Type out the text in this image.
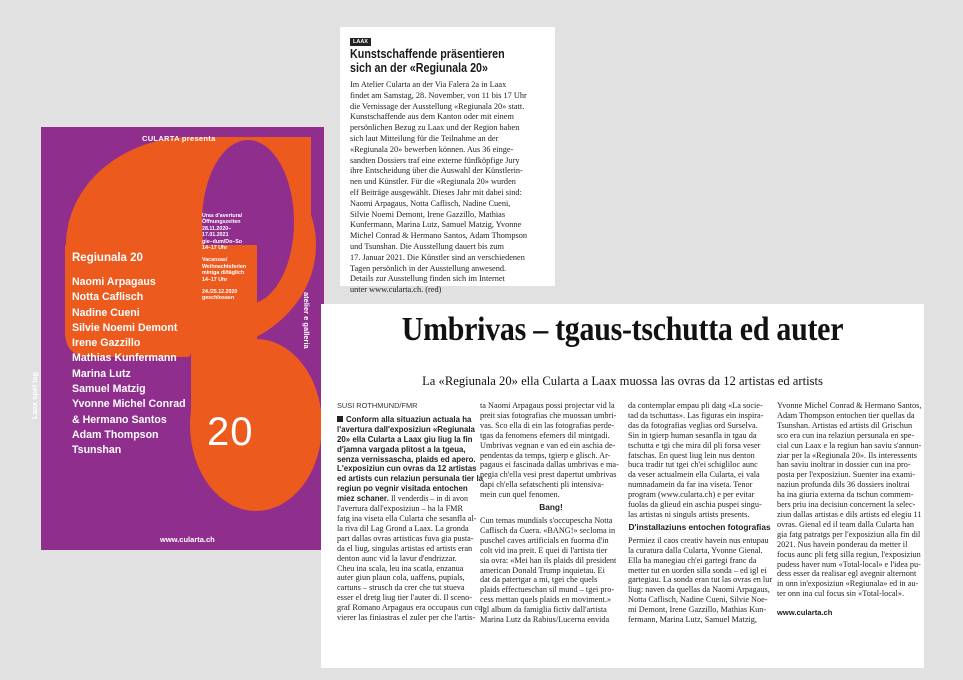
CULARTA presenta
Laax spel lag
atelier e galleria
Regiunala 20
Naomi Arpagaus
Notta Caflisch
Nadine Cueni
Silvie Noemi Demont
Irene Gazzillo
Mathias Kunfermann
Marina Lutz
Samuel Matzig
Yvonne Michel Conrad
& Hermano Santos
Adam Thompson
Tsunshan
Uras d'avertura/
Öffnungszeiten
28.11.2020–
17.01.2021
gie–dum/Do–So
14–17 Uhr
Vacanzas/
Weihnachtsferien
mintga di/täglich
14–17 Uhr
24./25.12.2020
geschlossen
20
www.cularta.ch
LAAX
Kunstschaffende präsentieren
sich an der «Regiunala 20»
Im Atelier Cularta an der Via Falera 2a in Laax
findet am Samstag, 28. November, von 11 bis 17 Uhr
die Vernissage der Ausstellung «Regiunala 20» statt.
Kunstschaffende aus dem Kanton oder mit einem
persönlichen Bezug zu Laax und der Region haben
sich laut Mitteilung für die Teilnahme an der
«Regiunala 20» bewerben können. Aus 36 einge-
sandten Dossiers traf eine externe fünfköpfige Jury
ihre Entscheidung über die Auswahl der Künstlerin-
nen und Künstler. Für die «Regiunala 20» wurden
elf Beiträge ausgewählt. Dieses Jahr mit dabei sind:
Naomi Arpagaus, Notta Caflisch, Nadine Cueni,
Silvie Noemi Demont, Irene Gazzillo, Mathias
Kunfermann, Marina Lutz, Samuel Matzig, Yvonne
Michel Conrad & Hermano Santos, Adam Thompson
und Tsunshan. Die Ausstellung dauert bis zum
17. Januar 2021. Die Künstler sind an verschiedenen
Tagen persönlich in der Ausstellung anwesend.
Details zur Ausstellung finden sich im Internet
unter www.cularta.ch. (red)
Umbrivas – tgaus-tschutta ed auter
La «Regiunala 20» ella Cularta a Laax muossa las ovras da 12 artistas ed artists
SUSI ROTHMUND/FMR
Conform alla situaziun actuala ha
l'avertura dall'exposiziun «Regiunala
20» ella Cularta a Laax giu liug la fin
d'jamna vargada plitost a la tgeua,
senza vernissascha, plaids ed apero.
L'exposiziun cun ovras da 12 artistas
ed artists cun relaziun persunala tier la
regiun po vegnir visitada entochen
miez schaner. Il venderdis – in di avon
l'avertura dall'exposiziun – ha la FMR
fatg ina viseta ella Cularta che sesanfla al-
la riva dil Lag Grond a Laax. La gronda
part dallas ovras artisticas fuva gia pusta-
da el liug, singulas artistas ed artists eran
denton aunc vid la lavur d'endrizzar.
Cheu ina scala, leu ina scatla, enzanua
auter giun plaun cola, uaffens, pupials,
cartuns – strusch da crer che tut stueva
esser el dretg liug tier l'auter di. Il sceno-
graf Romano Arpagaus era occupaus cun cu-
vierer las finiastras el zuler per che l'artis-
ta Naomi Arpagaus possi projectar vid la
preit sias fotografias che muossan umbri-
vas. Sco ella di ein las fotografias perde-
tgas da fenomens efemers dil mintgadi.
Umbrivas vegnan e van ed ein aschia de-
pendentas da temps, tgierp e glisch. Ar-
pagaus ei fascinada dallas umbrivas e ma-
negia ch'ella vesi prest dapertut umbrivas
dapi ch'ella sefatschenti pli intensiva-
mein cun quel fenomen.
Bang!
Cun temas mundials s'occupescha Notta
Caflisch da Cuera. «BANG!» secloma in
puschel caves artificials en fuorma d'in
colt vid ina preit. E quei di l'artista tier
sia ovra: «Mei han ils plaids dil president
american Donald Trump inquietau. Ei
dat da patertgar a mi, tgei che quels
plaids effectueschan sil mund – tgei pro-
cess mettan quels plaids en moviment.»
Igl album da famiglia fictiv dall'artista
Marina Lutz da Rabius/Lucerna envida
da contemplar empau pli datg «La socie-
tad da tschuttas». Las figuras ein inspira-
das da fotografias veglias ord Surselva.
Sin in tgierp human sesanfla in tgau da
tschutta e tgi che mira dil pli forsa veser
fatschas. En quest liug lein nus denton
buca tradir tut tgei ch'ei schigliloc aunc
da veser actualmein ella Cularta, ei vala
numnadamein da far ina viseta. Tenor
program (www.cularta.ch) e per evitar
fuolas da glieud ein aschia puspei singu-
las artistas ni singuls artists presents.
D'installaziuns entochen fotografias
Permiez il caos creativ havein nus entupau
la curatura dalla Cularta, Yvonne Gienal.
Ella ha manegiau ch'ei gartegi franc da
metter tut en uorden silla sonda – ed igl ei
gartegiau. La sonda eran tut las ovras en lur
liug: naven da quellas da Naomi Arpagaus,
Notta Caflisch, Nadine Cueni, Silvie Noe-
mi Demont, Irene Gazzillo, Mathias Kun-
fermann, Marina Lutz, Samuel Matzig,
Yvonne Michel Conrad & Hermano Santos,
Adam Thompson entochen tier quellas da
Tsunshan. Artistas ed artists dil Grischun
sco era cun ina relaziun persunala en spe-
cial cun Laax e la regiun han saviu s'annun-
ziar per la «Regiunala 20». Ils interessents
han saviu inoltrar in dossier cun ina pro-
posta per l'exposiziun. Suenter ina exami-
naziun profunda dils 36 dossiers inoltrai
ha ina giuria externa da tschun commem-
bers priu ina decisiun concernent la selec-
ziun dallas artistas e dils artists ed elegiu 11
ovras. Gienal ed il team dalla Cularta han
gia fatg patratgs per l'exposiziun alla fin dil
2021. Nus havein ponderau da metter il
focus aunc pli fetg silla regiun, l'exposiziun
pudess haver num «Total-local» e l'idea pu-
dess esser da realisar egl avegnir alternont
in onn in'exposiziun «Regiunala» ed in au-
ter onn ina cul focus sin «Total-local».
www.cularta.ch
